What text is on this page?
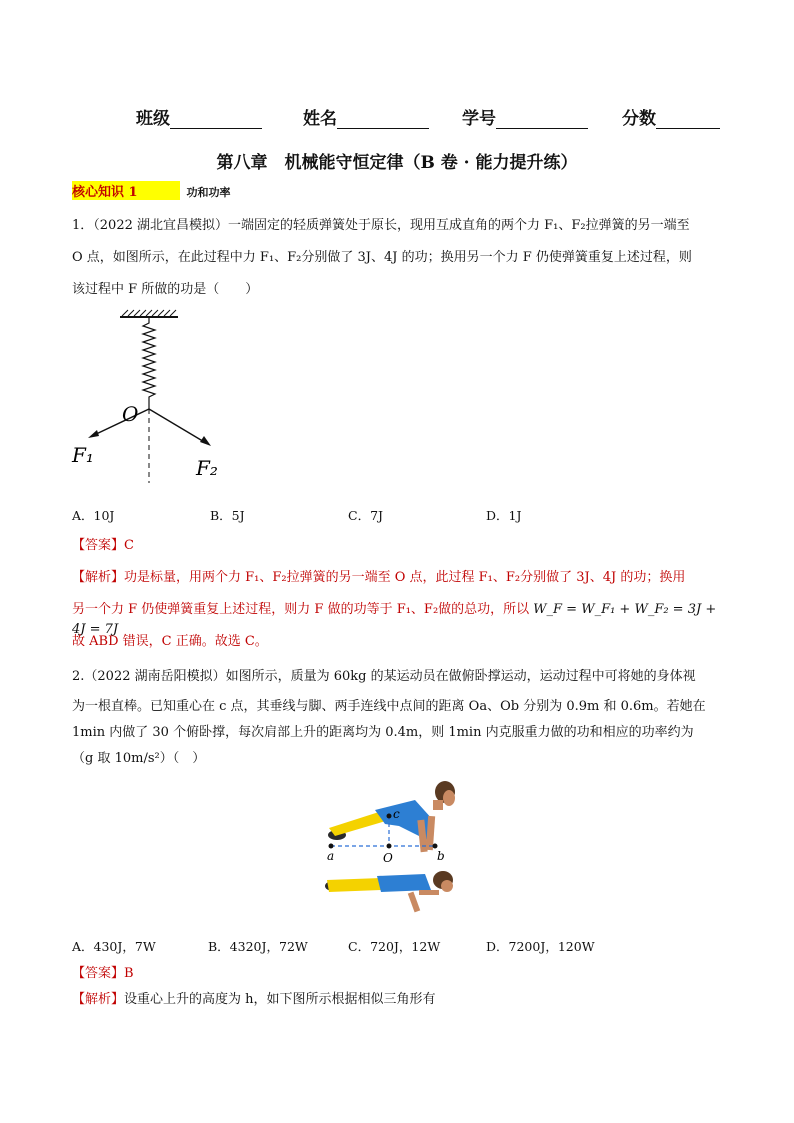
班级	姓名	学号	分数
第八章　机械能守恒定律（B 卷 · 能力提升练）
核心知识 1	功和功率
1．（2022 湖北宜昌模拟）一端固定的轻质弹簧处于原长，现用互成直角的两个力 F₁、F₂拉弹簧的另一端至
O 点，如图所示，在此过程中力 F₁、F₂分别做了 3J、4J 的功；换用另一个力 F 仍使弹簧重复上述过程，则
该过程中 F 所做的功是（　　）
O
F₁
F₂
A．10J	B．5J	C．7J	D．1J
【答案】C
【解析】功是标量，用两个力 F₁、F₂拉弹簧的另一端至 O 点，此过程 F₁、F₂分别做了 3J、4J 的功；换用
另一个力 F 仍使弹簧重复上述过程，则力 F 做的功等于 F₁、F₂做的总功，所以 W_F = W_F₁ + W_F₂ = 3J + 4J = 7J
故 ABD 错误，C 正确。故选 C。
2.（2022 湖南岳阳模拟）如图所示，质量为 60kg 的某运动员在做俯卧撑运动，运动过程中可将她的身体视
为一根直棒。已知重心在 c 点，其垂线与脚、两手连线中点间的距离 Oa、Ob 分别为 0.9m 和 0.6m。若她在
1min 内做了 30 个俯卧撑，每次肩部上升的距离均为 0.4m，则 1min 内克服重力做的功和相应的功率约为
（g 取 10m/s²）（　）
c
a	O	b
A．430J，7W	B．4320J，72W	C．720J，12W	D．7200J，120W
【答案】B
【解析】设重心上升的高度为 h，如下图所示根据相似三角形有
